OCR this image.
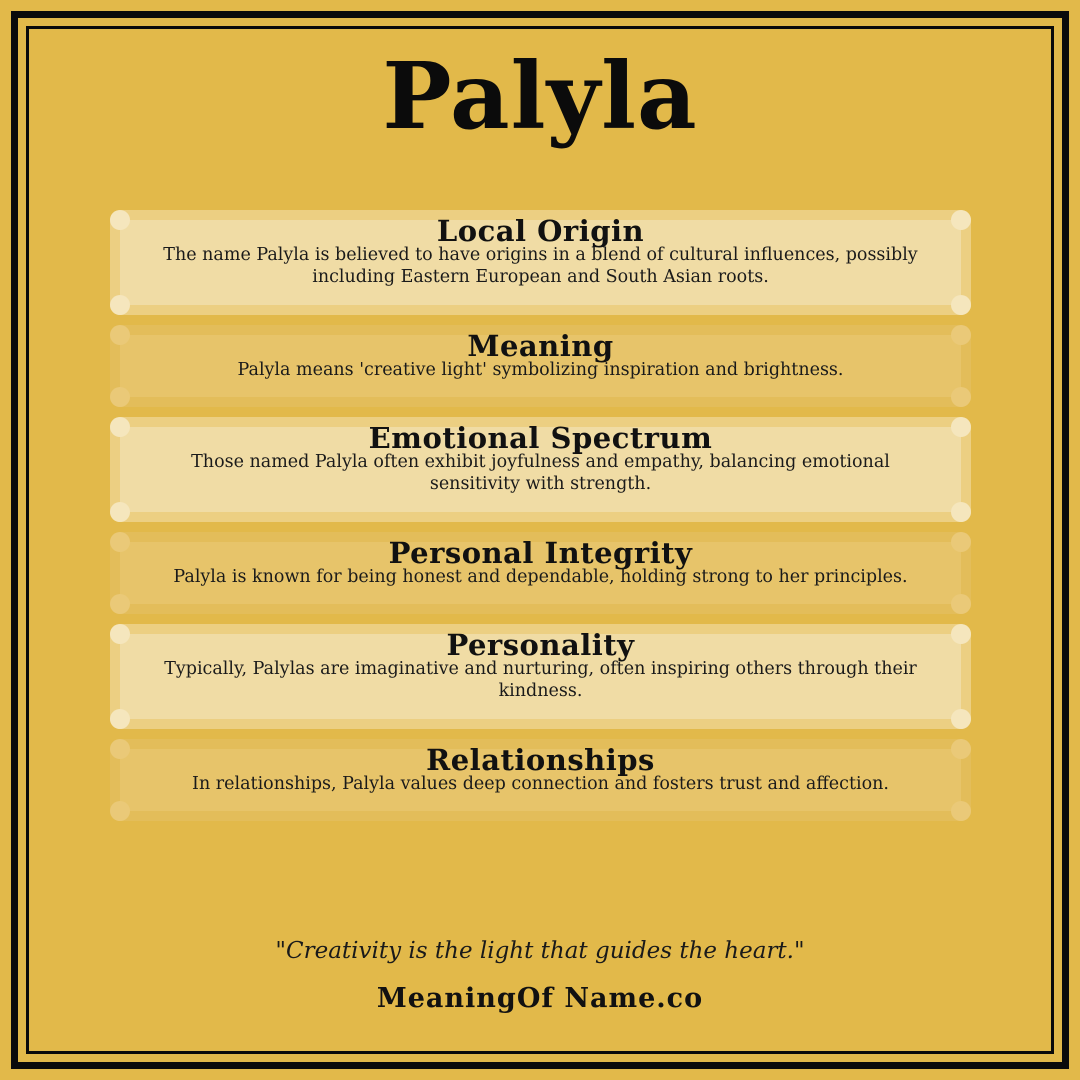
Palyla
Local Origin

The name Palyla is believed to have origins in a blend of cultural influences, possibly including Eastern European and South Asian roots.

Meaning

Palyla means 'creative light' symbolizing inspiration and brightness.

Emotional Spectrum

Those named Palyla often exhibit joyfulness and empathy, balancing emotional sensitivity with strength.

Personal Integrity

Palyla is known for being honest and dependable, holding strong to her principles.

Personality

Typically, Palylas are imaginative and nurturing, often inspiring others through their kindness.

Relationships

In relationships, Palyla values deep connection and fosters trust and affection.

"Creativity is the light that guides the heart."
MeaningOf Name.co
